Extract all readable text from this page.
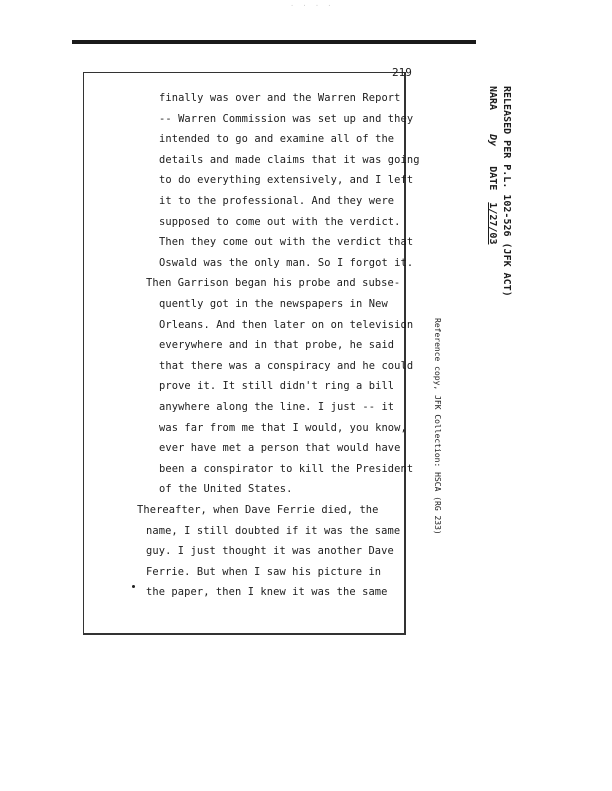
· · · ·
219
finally was over and the Warren Report
-- Warren Commission was set up and they
intended to go and examine all of the
details and made claims that it was going
to do everything extensively, and I left
it to the professional. And they were
supposed to come out with the verdict.
Then they come out with the verdict that
Oswald was the only man. So I forgot it.
Then Garrison began his probe and subse-
quently got in the newspapers in New
Orleans. And then later on on television
everywhere and in that probe, he said
that there was a conspiracy and he could
prove it. It still didn't ring a bill
anywhere along the line. I just -- it
was far from me that I would, you know,
ever have met a person that would have
been a conspirator to kill the President
of the United States.
Thereafter, when Dave Ferrie died, the
name, I still doubted if it was the same
guy. I just thought it was another Dave
Ferrie. But when I saw his picture in
the paper, then I knew it was the same
RELEASED PER P.L. 102-526 (JFK ACT)
NARA Dy DATE 1/27/03
Reference copy, JFK Collection: HSCA (RG 233)
